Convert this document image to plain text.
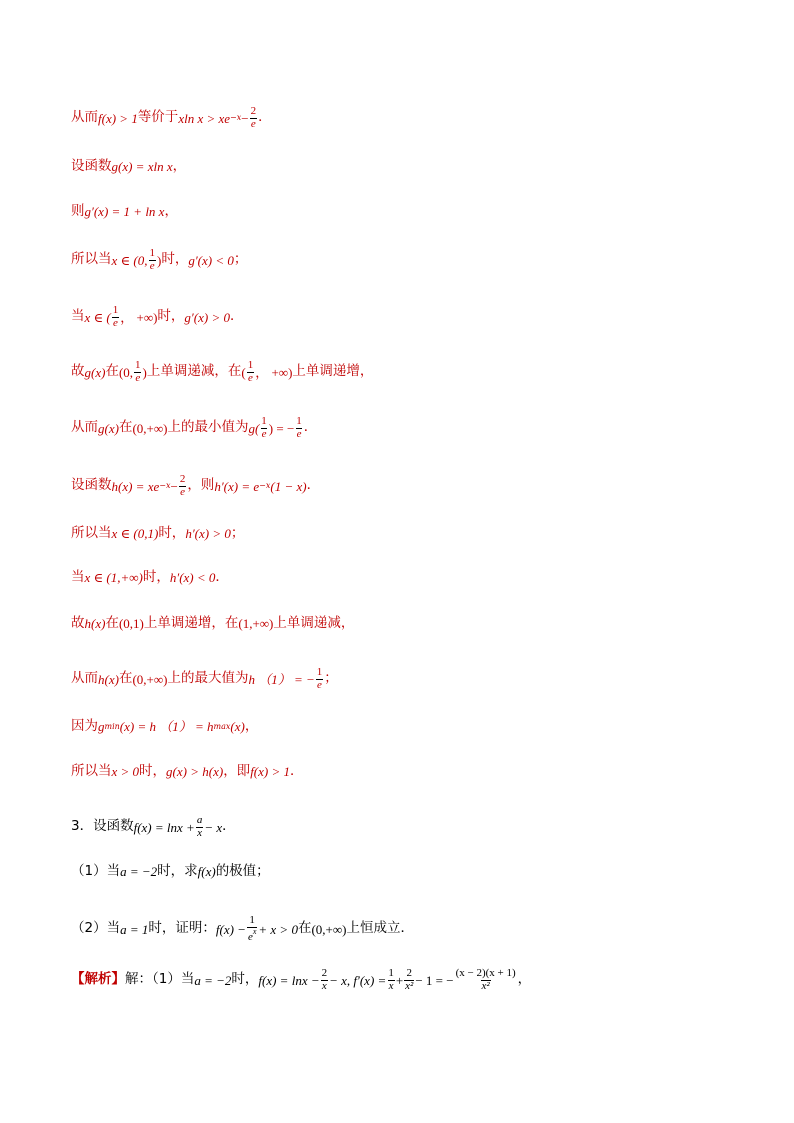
从而 f(x) > 1 等价于 xln x > xe $-x - \frac{2}{e}$ ．
设函数 g(x) = xln x ，
则 g′(x) = 1 + ln x ，
所以当 x ∈ (0, $\frac{1}{e}$ ) 时， g′(x) < 0 ；
当 x ∈ ( $\frac{1}{e}$ ， +∞) 时， g′(x) > 0 ．
故 g(x) 在 (0, $\frac{1}{e}$ ) 上单调递减，在 ( $\frac{1}{e}$ ， +∞) 上单调递增，
从而 g(x) 在 (0,+∞) 上的最小值为 $g( \frac{1}{e}$ ) = − $\frac{1}{e}$ ．
设函数 h(x) = xe $-x - \frac{2}{e}$ ，则 h′(x) = e −x (1 − x) ．
所以当 x ∈ (0,1) 时， h′(x) > 0 ；
当 x ∈ (1,+∞) 时， h′(x) < 0 ．
故 h(x) 在 (0,1) 上单调递增，在 (1,+∞) 上单调递减，
从而 h(x) 在 (0,+∞) 上的最大值为 h （1） = − $\frac{1}{e}$ ；
因为 g min (x) = h （1） = h max (x) ，
所以当 x > 0 时， g(x) > h(x) ，即 f(x) > 1 ．
3．设函数 $f(x) = \ln x + \frac{a}{x} - x$ ．
（1）当 a = −2 时，求 f(x) 的极值；
（2）当 a = 1 时，证明： $f(x) - \frac{1}{e^x} + x > 0$ 在 (0,+∞) 上恒成立．
【解析】 解：（1）当 a = −2 时， $f(x) = \ln x - \frac{2}{x} - x$, $f'(x) = \frac{1}{x} + \frac{2}{\text{x²}} - 1$ = − $\frac{(x - 2)(x + 1)}{\text{x²}}$ ，
